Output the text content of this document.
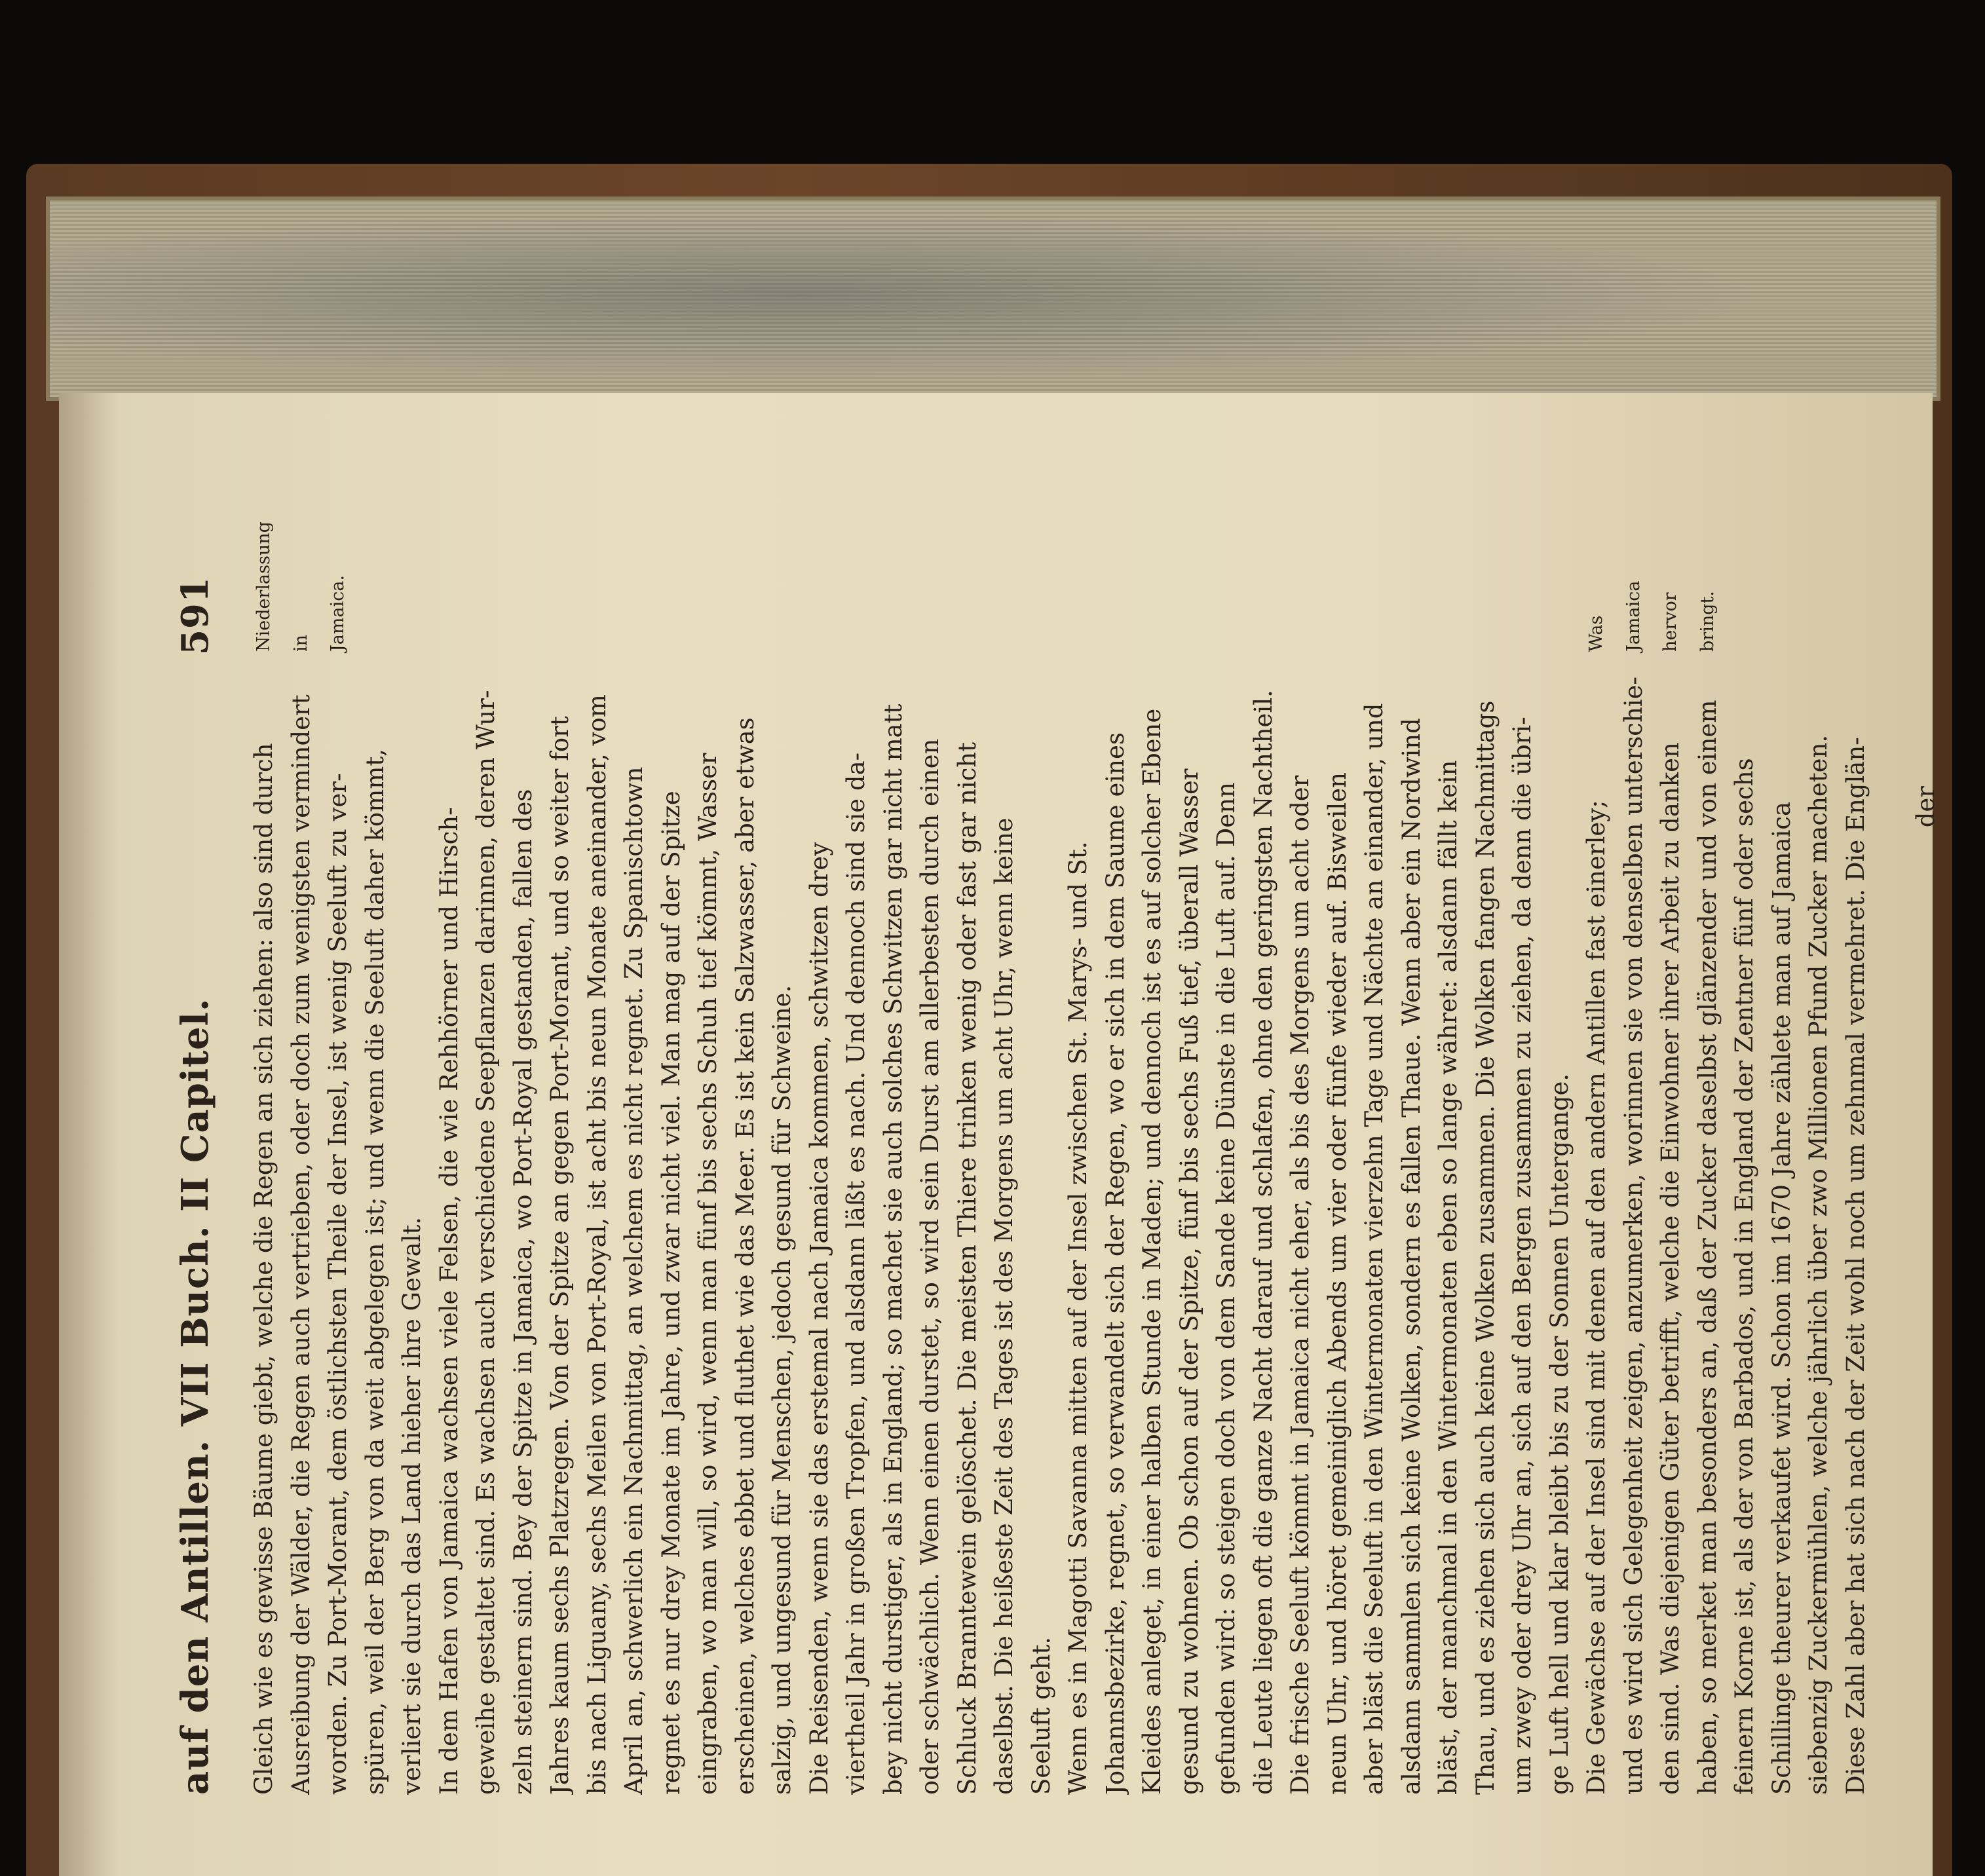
auf den Antillen. VII Buch. II Capitel.
591
Gleich wie es gewisse Bäume giebt, welche die Regen an sich ziehen: also sind durch Ausreibung der Wälder, die Regen auch vertrieben, oder doch zum wenigsten vermindert worden. Zu Port-Morant, dem östlichsten Theile der Insel, ist wenig Seeluft zu ver- spüren, weil der Berg von da weit abgelegen ist; und wenn die Seeluft daher kömmt, verliert sie durch das Land hieher ihre Gewalt. In dem Hafen von Jamaica wachsen viele Felsen, die wie Rehhörner und Hirsch- geweihe gestaltet sind. Es wachsen auch verschiedene Seepflanzen darinnen, deren Wur- zeln steinern sind. Bey der Spitze in Jamaica, wo Port-Royal gestanden, fallen des Jahres kaum sechs Platzregen. Von der Spitze an gegen Port-Morant, und so weiter fort bis nach Liguany, sechs Meilen von Port-Royal, ist acht bis neun Monate aneinander, vom April an, schwerlich ein Nachmittag, an welchem es nicht regnet. Zu Spanischtown regnet es nur drey Monate im Jahre, und zwar nicht viel. Man mag auf der Spitze eingraben, wo man will, so wird, wenn man fünf bis sechs Schuh tief kömmt, Wasser erscheinen, welches ebbet und fluthet wie das Meer. Es ist kein Salzwasser, aber etwas salzig, und ungesund für Menschen, jedoch gesund für Schweine. Die Reisenden, wenn sie das erstemal nach Jamaica kommen, schwitzen drey viertheil Jahr in großen Tropfen, und alsdann läßt es nach. Und dennoch sind sie da- bey nicht durstiger, als in England; so machet sie auch solches Schwitzen gar nicht matt oder schwächlich. Wenn einen durstet, so wird sein Durst am allerbesten durch einen Schluck Branntewein gelöschet. Die meisten Thiere trinken wenig oder fast gar nicht daselbst. Die heißeste Zeit des Tages ist des Morgens um acht Uhr, wenn keine Seeluft geht. Wenn es in Magotti Savanna mitten auf der Insel zwischen St. Marys- und St. Johannsbezirke, regnet, so verwandelt sich der Regen, wo er sich in dem Saume eines Kleides anleget, in einer halben Stunde in Maden; und dennoch ist es auf solcher Ebene gesund zu wohnen. Ob schon auf der Spitze, fünf bis sechs Fuß tief, überall Wasser gefunden wird: so steigen doch von dem Sande keine Dünste in die Luft auf. Denn die Leute liegen oft die ganze Nacht darauf und schlafen, ohne den geringsten Nachtheil. Die frische Seeluft kömmt in Jamaica nicht eher, als bis des Morgens um acht oder neun Uhr, und höret gemeiniglich Abends um vier oder fünfe wieder auf. Bisweilen aber bläst die Seeluft in den Wintermonaten vierzehn Tage und Nächte an einander, und alsdann sammlen sich keine Wolken, sondern es fallen Thaue. Wenn aber ein Nordwind bläst, der manchmal in den Wintermonaten eben so lange währet: alsdann fällt kein Thau, und es ziehen sich auch keine Wolken zusammen. Die Wolken fangen Nachmittags um zwey oder drey Uhr an, sich auf den Bergen zusammen zu ziehen, da denn die übri- ge Luft hell und klar bleibt bis zu der Sonnen Untergange. Die Gewächse auf der Insel sind mit denen auf den andern Antillen fast einerley; und es wird sich Gelegenheit zeigen, anzumerken, worinnen sie von denselben unterschie- den sind. Was diejenigen Güter betrifft, welche die Einwohner ihrer Arbeit zu danken haben, so merket man besonders an, daß der Zucker daselbst glänzender und von einem feinern Korne ist, als der von Barbados, und in England der Zentner fünf oder sechs Schillinge theurer verkaufet wird. Schon im 1670 Jahre zählete man auf Jamaica siebenzig Zuckermühlen, welche jährlich über zwo Millionen Pfund Zucker macheten. Diese Zahl aber hat sich nach der Zeit wohl noch um zehnmal vermehret. Die Englän-
Niederlassung in Jamaica.	Was Jamaica hervor bringt.
der
